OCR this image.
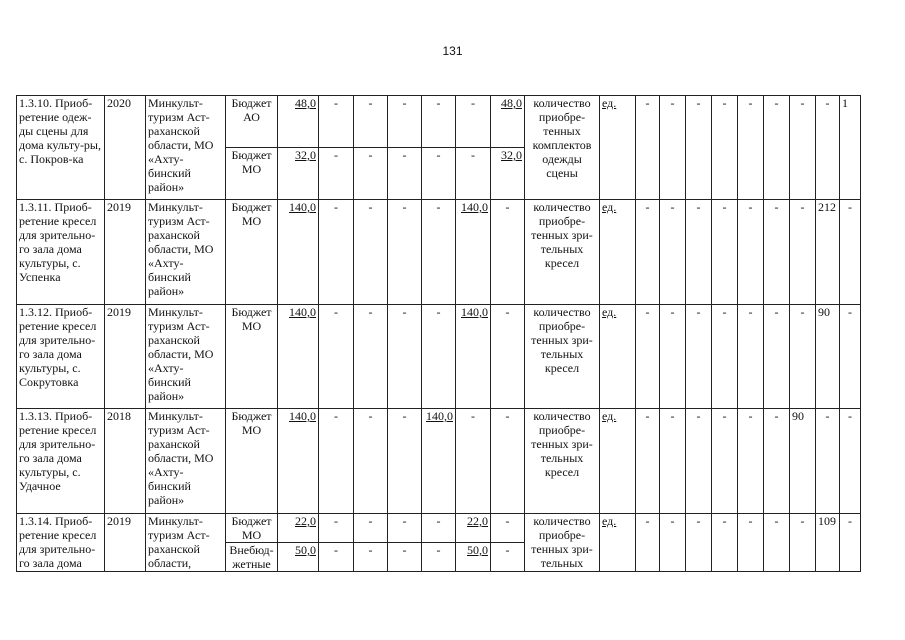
131
1.3.10. Приоб-ретение одеж-ды сцены для дома культу-ры, с. Покров-ка	2020	Минкульт-туризм Аст-раханской области, МО «Ахту-бинский район»	Бюджет АО	48,0	-	-	-	-	-	48,0	количество приобре-тенных комплектов одежды сцены	ед.	-	-	-	-	-	-	-	-	1
			Бюджет МО	32,0	-	-	-	-	-	32,0											
1.3.11. Приоб-ретение кресел для зрительно-го зала дома культуры, с. Успенка	2019	Минкульт-туризм Аст-раханской области, МО «Ахту-бинский район»	Бюджет МО	140,0	-	-	-	-	140,0	-	количество приобре-тенных зри-тельных кресел	ед.	-	-	-	-	-	-	-	212	-
1.3.12. Приоб-ретение кресел для зрительно-го зала дома культуры, с. Сокрутовка	2019	Минкульт-туризм Аст-раханской области, МО «Ахту-бинский район»	Бюджет МО	140,0	-	-	-	-	140,0	-	количество приобре-тенных зри-тельных кресел	ед.	-	-	-	-	-	-	-	90	-
1.3.13. Приоб-ретение кресел для зрительно-го зала дома культуры, с. Удачное	2018	Минкульт-туризм Аст-раханской области, МО «Ахту-бинский район»	Бюджет МО	140,0	-	-	-	140,0	-	-	количество приобре-тенных зри-тельных кресел	ед.	-	-	-	-	-	-	90	-	-
1.3.14. Приоб-ретение кресел для зрительно-го зала дома	2019	Минкульт-туризм Аст-раханской области,	Бюджет МО	22,0	-	-	-	-	22,0	-	количество приобре-тенных зри-тельных	ед.	-	-	-	-	-	-	-	109	-
			Внебюд-жетные	50,0	-	-	-	-	50,0	-											
